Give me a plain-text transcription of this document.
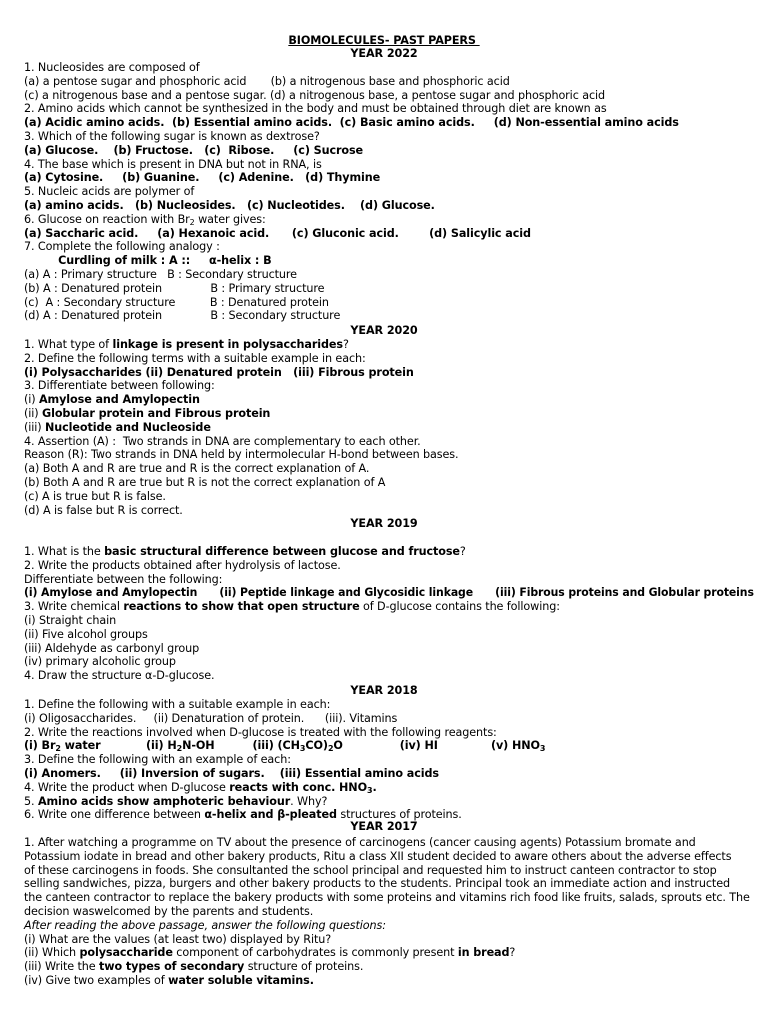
BIOMOLECULES- PAST PAPERS
YEAR 2022
1. Nucleosides are composed of
(a) a pentose sugar and phosphoric acid       (b) a nitrogenous base and phosphoric acid
(c) a nitrogenous base and a pentose sugar. (d) a nitrogenous base, a pentose sugar and phosphoric acid
2. Amino acids which cannot be synthesized in the body and must be obtained through diet are known as
(a) Acidic amino acids.  (b) Essential amino acids.  (c) Basic amino acids.     (d) Non-essential amino acids
3. Which of the following sugar is known as dextrose?
(a) Glucose.    (b) Fructose.   (c)  Ribose.     (c) Sucrose
4. The base which is present in DNA but not in RNA, is
(a) Cytosine.     (b) Guanine.     (c) Adenine.   (d) Thymine
5. Nucleic acids are polymer of
(a) amino acids.   (b) Nucleosides.   (c) Nucleotides.    (d) Glucose.
6. Glucose on reaction with $Br_2$ water gives:
(a) Saccharic acid.     (a) Hexanoic acid.      (c) Gluconic acid.        (d) Salicylic acid
7. Complete the following analogy :
Curdling of milk : A ::     α-helix : B
(a) A : Primary structure   B : Secondary structure
(b) A : Denatured protein              B : Primary structure
(c)  A : Secondary structure          B : Denatured protein
(d) A : Denatured protein              B : Secondary structure
YEAR 2020
1. What type of linkage is present in polysaccharides?
2. Define the following terms with a suitable example in each:
(i) Polysaccharides (ii) Denatured protein   (iii) Fibrous protein
3. Differentiate between following:
(i) Amylose and Amylopectin
(ii) Globular protein and Fibrous protein
(iii) Nucleotide and Nucleoside
4. Assertion (A) :  Two strands in DNA are complementary to each other.
Reason (R): Two strands in DNA held by intermolecular H-bond between bases.
(a) Both A and R are true and R is the correct explanation of A.
(b) Both A and R are true but R is not the correct explanation of A
(c) A is true but R is false.
(d) A is false but R is correct.
YEAR 2019
1. What is the basic structural difference between glucose and fructose?
2. Write the products obtained after hydrolysis of lactose.
Differentiate between the following:
(i) Amylose and Amylopectin      (ii) Peptide linkage and Glycosidic linkage      (iii) Fibrous proteins and Globular proteins
3. Write chemical reactions to show that open structure of D-glucose contains the following:
(i) Straight chain
(ii) Five alcohol groups
(iii) Aldehyde as carbonyl group
(iv) primary alcoholic group
4. Draw the structure α-D-glucose.
YEAR 2018
1. Define the following with a suitable example in each:
(i) Oligosaccharides.     (ii) Denaturation of protein.      (iii). Vitamins
2. Write the reactions involved when D-glucose is treated with the following reagents:
(i) $Br_2$ water            (ii) $H_2N-OH$          (iii) $(CH_3CO)_2O$               (iv) HI              (v) $HNO_3$
3. Define the following with an example of each:
(i) Anomers.     (ii) Inversion of sugars.    (iii) Essential amino acids
4. Write the product when D-glucose reacts with conc. $HNO_3$.
5. Amino acids show amphoteric behaviour. Why?
6. Write one difference between α-helix and β-pleated structures of proteins.
YEAR 2017
1. After watching a programme on TV about the presence of carcinogens (cancer causing agents) Potassium bromate and
Potassium iodate in bread and other bakery products, Ritu a class XII student decided to aware others about the adverse effects
of these carcinogens in foods. She consultanted the school principal and requested him to instruct canteen contractor to stop
selling sandwiches, pizza, burgers and other bakery products to the students. Principal took an immediate action and instructed
the canteen contractor to replace the bakery products with some proteins and vitamins rich food like fruits, salads, sprouts etc. The
decision waswelcomed by the parents and students.
After reading the above passage, answer the following questions:
(i) What are the values (at least two) displayed by Ritu?
(ii) Which polysaccharide component of carbohydrates is commonly present in bread?
(iii) Write the two types of secondary structure of proteins.
(iv) Give two examples of water soluble vitamins.
